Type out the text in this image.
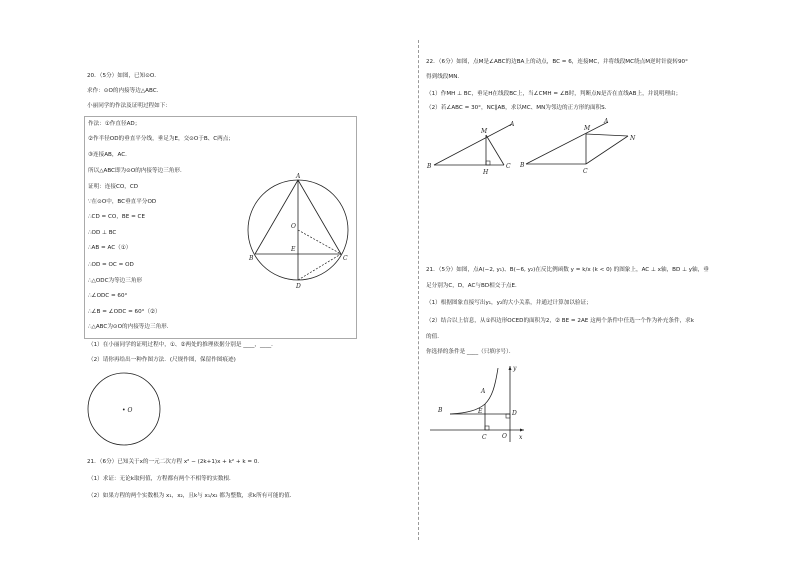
20．（5分）如图，已知⊙O．
求作：⊙O的内接等边△ABC．
小丽同学的作法及证明过程如下：
作法：①作直径AD；
②作半径OD的垂直平分线，垂足为E，交⊙O于B、C两点；
③连接AB，AC．
所以△ABC即为⊙O的内接等边三角形．
证明：连接CO，CD
∵在⊙O中，BC垂直平分OD
∴CD = CO，BE = CE
∴OD ⊥ BC
∴AB = AC（①）
∴OD = OC = OD
∴△ODC为等边三角形
∴∠ODC = 60°
∴∠B = ∠ODC = 60°（②）
∴△ABC为⊙O的内接等边三角形．
A
B	C
D
E
O
（1）在小丽同学的证明过程中，①、②两处的推理依据分别是 ____，____．
（2）请你再给出一种作图方法．(尺规作图，保留作图痕迹)
• O
21．（6分）已知关于x的一元二次方程 x² − (2k+1)x + k² + k = 0．
（1）求证：无论k取何值，方程都有两个不相等的实数根．
（2）如果方程的两个实数根为 x₁，x₂，且k与 x₁/x₂ 都为整数，求k所有可能的值．
22．（6分）如图，点M是∠ABC的边BA上的动点，BC = 6，连接MC，并将线段MC绕点M逆时针旋转90°
得到线段MN．
（1）作MH ⊥ BC，垂足H在线段BC上，当∠CMH = ∠B时，判断点N是否在直线AB上，并说明理由；
（2）若∠ABC = 30°，NC∥AB，求以MC、MN为邻边的正方形的面积S．
A
M
B
H
C
A
M
B
C
N
21．（5分）如图，点A(−2, y₁)、B(−6, y₂)在反比例函数 y = k/x (k < 0) 的图象上，AC ⊥ x轴，BD ⊥ y轴，垂
足分别为C，D，AC与BD相交于点E．
（1）根据图象直接写出y₁，y₂的大小关系，并通过计算加以验证；
（2）结合以上信息，从①四边形OCED的面积为2，② BE = 2AE 这两个条件中任选一个作为补充条件，求k
的值．
你选择的条件是 ____（只填序号）．
y
A
B	E	D
C	O x
